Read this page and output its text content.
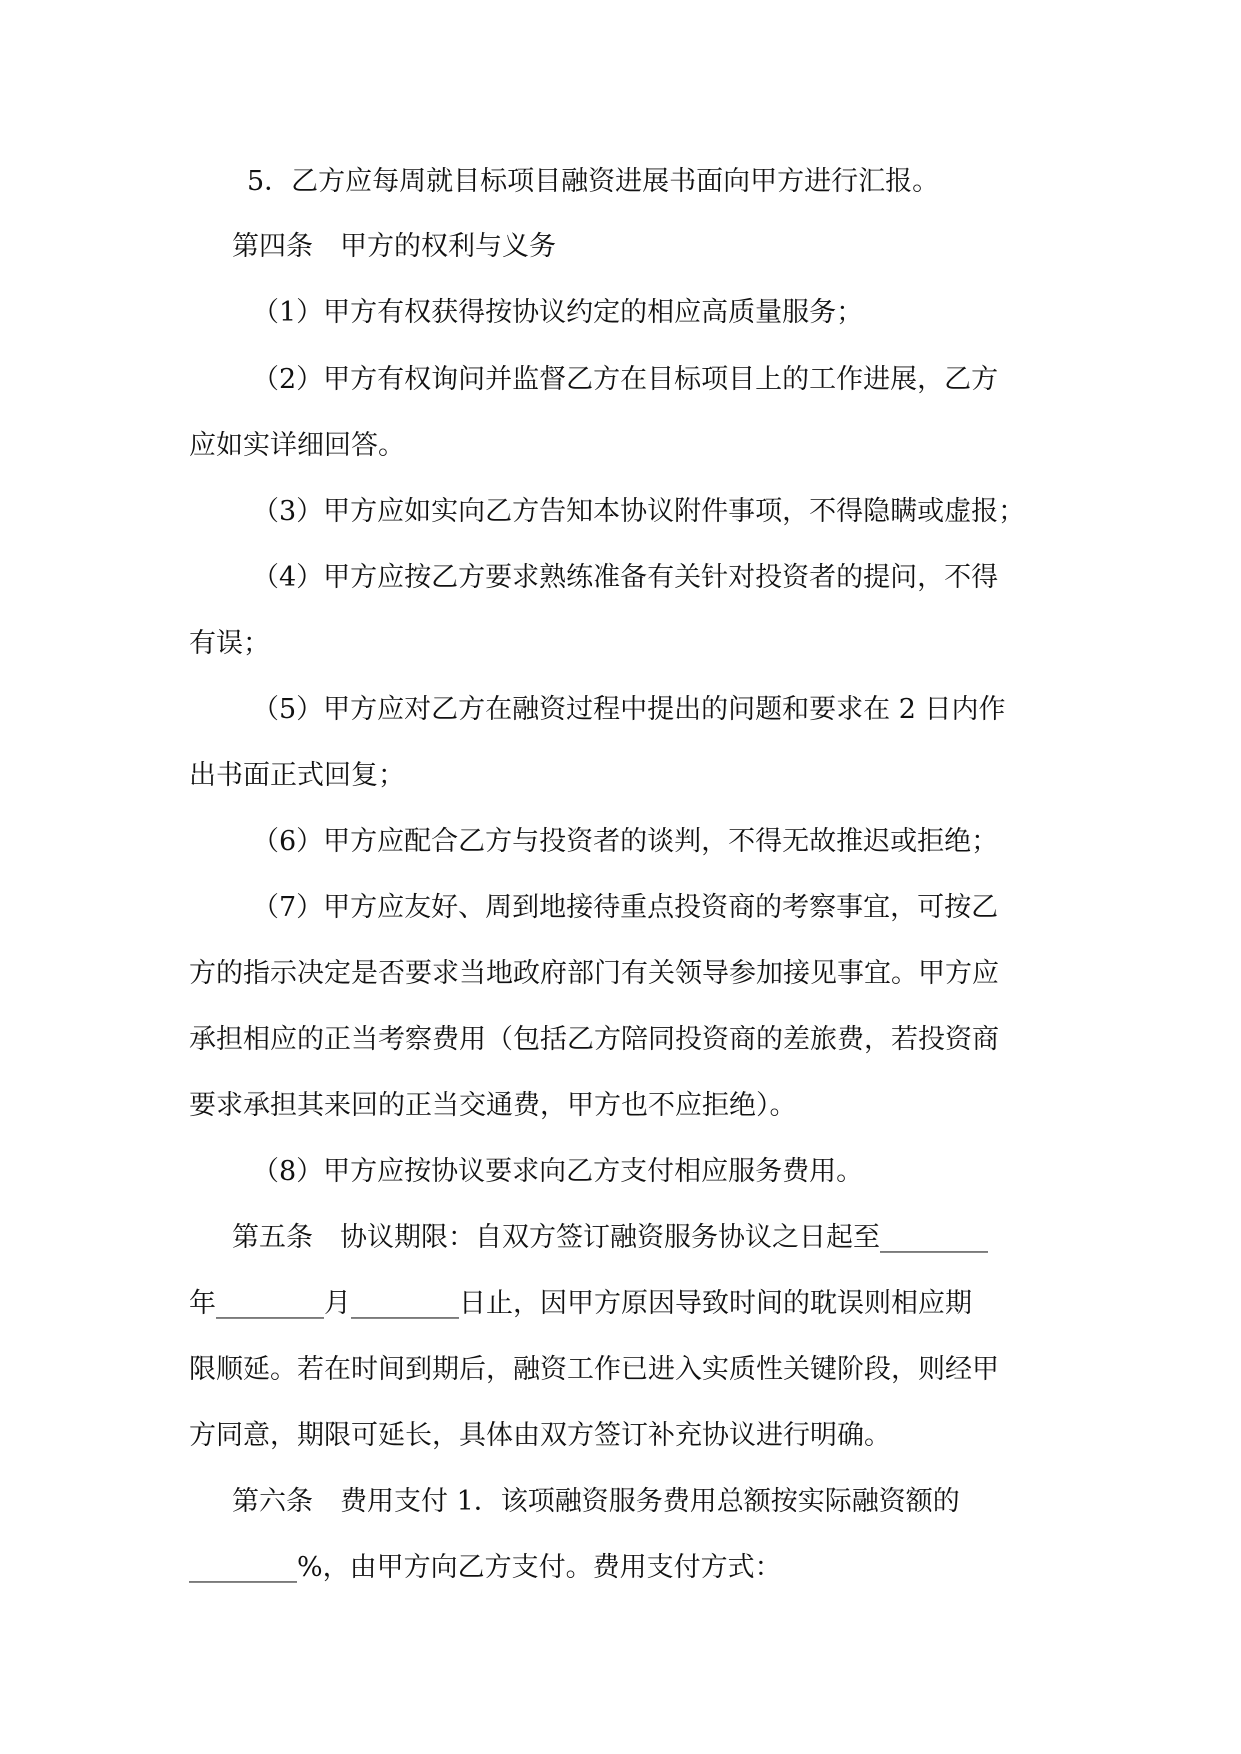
5．乙方应每周就目标项目融资进展书面向甲方进行汇报。
第四条　甲方的权利与义务
（1）甲方有权获得按协议约定的相应高质量服务；
（2）甲方有权询问并监督乙方在目标项目上的工作进展，乙方
应如实详细回答。
（3）甲方应如实向乙方告知本协议附件事项，不得隐瞒或虚报；
（4）甲方应按乙方要求熟练准备有关针对投资者的提问，不得
有误；
（5）甲方应对乙方在融资过程中提出的问题和要求在 2 日内作
出书面正式回复；
（6）甲方应配合乙方与投资者的谈判，不得无故推迟或拒绝；
（7）甲方应友好、周到地接待重点投资商的考察事宜，可按乙
方的指示决定是否要求当地政府部门有关领导参加接见事宜。甲方应
承担相应的正当考察费用（包括乙方陪同投资商的差旅费，若投资商
要求承担其来回的正当交通费，甲方也不应拒绝）。
（8）甲方应按协议要求向乙方支付相应服务费用。
第五条　协议期限：自双方签订融资服务协议之日起至________
年________月________日止，因甲方原因导致时间的耽误则相应期
限顺延。若在时间到期后，融资工作已进入实质性关键阶段，则经甲
方同意，期限可延长，具体由双方签订补充协议进行明确。
第六条　费用支付 1．该项融资服务费用总额按实际融资额的
________%，由甲方向乙方支付。费用支付方式：
